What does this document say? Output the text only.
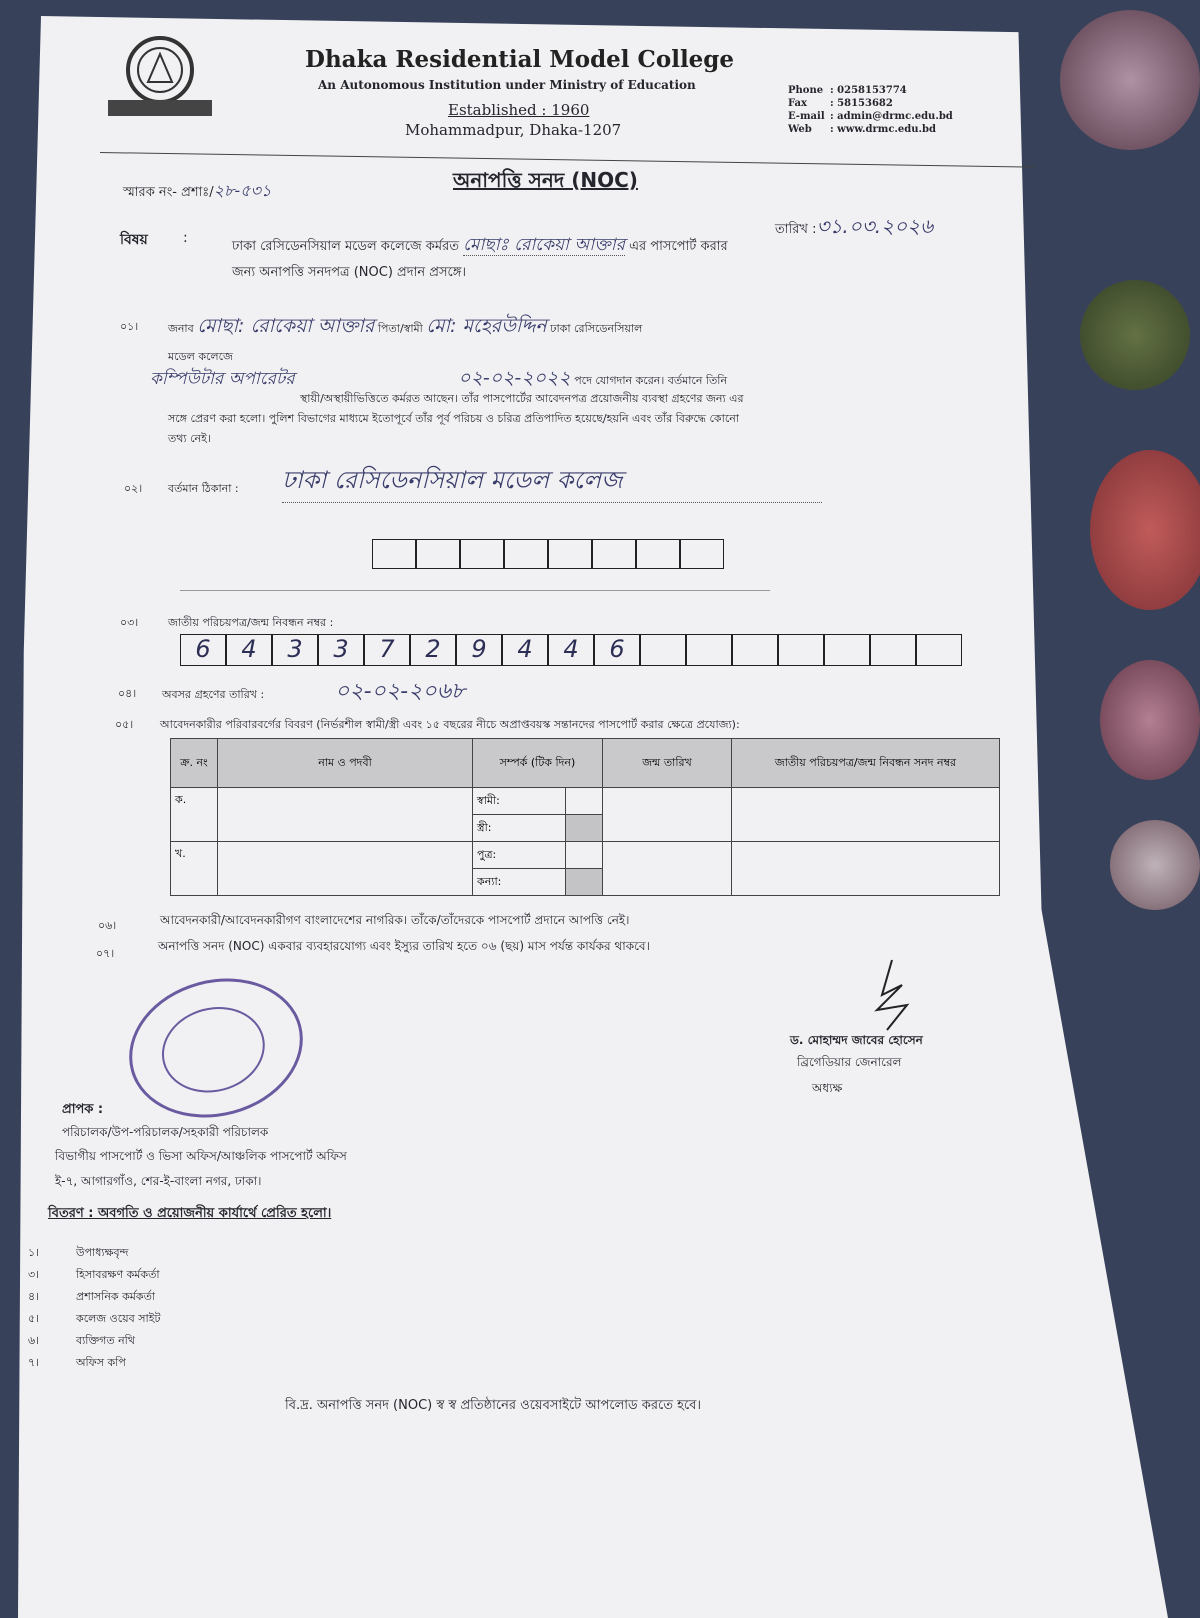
Dhaka Residential Model College
An Autonomous Institution under Ministry of Education
Established : 1960
Mohammadpur, Dhaka-1207
Phone : 0258153774
Fax : 58153682
E-mail : admin@drmc.edu.bd
Web : www.drmc.edu.bd
অনাপত্তি সনদ (NOC)
স্মারক নং- প্রশাঃ/২৮-৫৩১
তারিখ :৩১.০৩.২০২৬
বিষয়	:
ঢাকা রেসিডেনসিয়াল মডেল কলেজে কর্মরত মোছাঃ রোকেয়া আক্তার এর পাসপোর্ট করার
জন্য অনাপত্তি সনদপত্র (NOC) প্রদান প্রসঙ্গে।
০১।	জনাব মোছা: রোকেয়া আক্তার পিতা/স্বামী মো: মহেরউদ্দিন ঢাকা রেসিডেনসিয়াল
মডেল কলেজে
কম্পিউটার অপারেটর	০২-০২-২০২২ পদে যোগদান করেন। বর্তমানে তিনি
স্থায়ী/অস্থায়ীভিত্তিতে কর্মরত আছেন। তাঁর পাসপোর্টের আবেদনপত্র প্রয়োজনীয় ব্যবস্থা গ্রহণের জন্য এর
সঙ্গে প্রেরণ করা হলো। পুলিশ বিভাগের মাধ্যমে ইতোপূর্বে তাঁর পূর্ব পরিচয় ও চরিত্র প্রতিপাদিত হয়েছে/হয়নি এবং তাঁর বিরুদ্ধে কোনো
তথ্য নেই।
০২। বর্তমান ঠিকানা : ঢাকা রেসিডেনসিয়াল মডেল কলেজ
০৩।	জাতীয় পরিচয়পত্র/জন্ম নিবন্ধন নম্বর :
6	4	3	3	7	2	9	4	4	6
০৪। অবসর গ্রহণের তারিখ :	০২-০২-২০৬৮
০৫। আবেদনকারীর পরিবারবর্গের বিবরণ (নির্ভরশীল স্বামী/স্ত্রী এবং ১৫ বছরের নীচে অপ্রাপ্তবয়স্ক সন্তানদের পাসপোর্ট করার ক্ষেত্রে প্রযোজ্য):
ক্র. নং	নাম ও পদবী	সম্পর্ক (টিক দিন)		জন্ম তারিখ	জাতীয় পরিচয়পত্র/জন্ম নিবন্ধন সনদ নম্বর
ক.		স্বামী:			
		স্ত্রী:			
খ.		পুত্র:			
		কন্যা:			
০৬।	আবেদনকারী/আবেদনকারীগণ বাংলাদেশের নাগরিক। তাঁকে/তাঁদেরকে পাসপোর্ট প্রদানে আপত্তি নেই।
০৭।
অনাপত্তি সনদ (NOC) একবার ব্যবহারযোগ্য এবং ইস্যুর তারিখ হতে ০৬ (ছয়) মাস পর্যন্ত কার্যকর থাকবে।
ড. মোহাম্মদ জাবের হোসেন
ব্রিগেডিয়ার জেনারেল
অধ্যক্ষ
প্রাপক :
পরিচালক/উপ-পরিচালক/সহকারী পরিচালক
বিভাগীয় পাসপোর্ট ও ভিসা অফিস/আঞ্চলিক পাসপোর্ট অফিস
ই-৭, আগারগাঁও, শের-ই-বাংলা নগর, ঢাকা।
বিতরণ : অবগতি ও প্রয়োজনীয় কার্যার্থে প্রেরিত হলো।
১।	উপাধ্যক্ষবৃন্দ
৩।	হিসাবরক্ষণ কর্মকর্তা
৪।	প্রশাসনিক কর্মকর্তা
৫।	কলেজ ওয়েব সাইট
৬।	ব্যক্তিগত নথি
৭।	অফিস কপি
বি.দ্র. অনাপত্তি সনদ (NOC) স্ব স্ব প্রতিষ্ঠানের ওয়েবসাইটে আপলোড করতে হবে।
